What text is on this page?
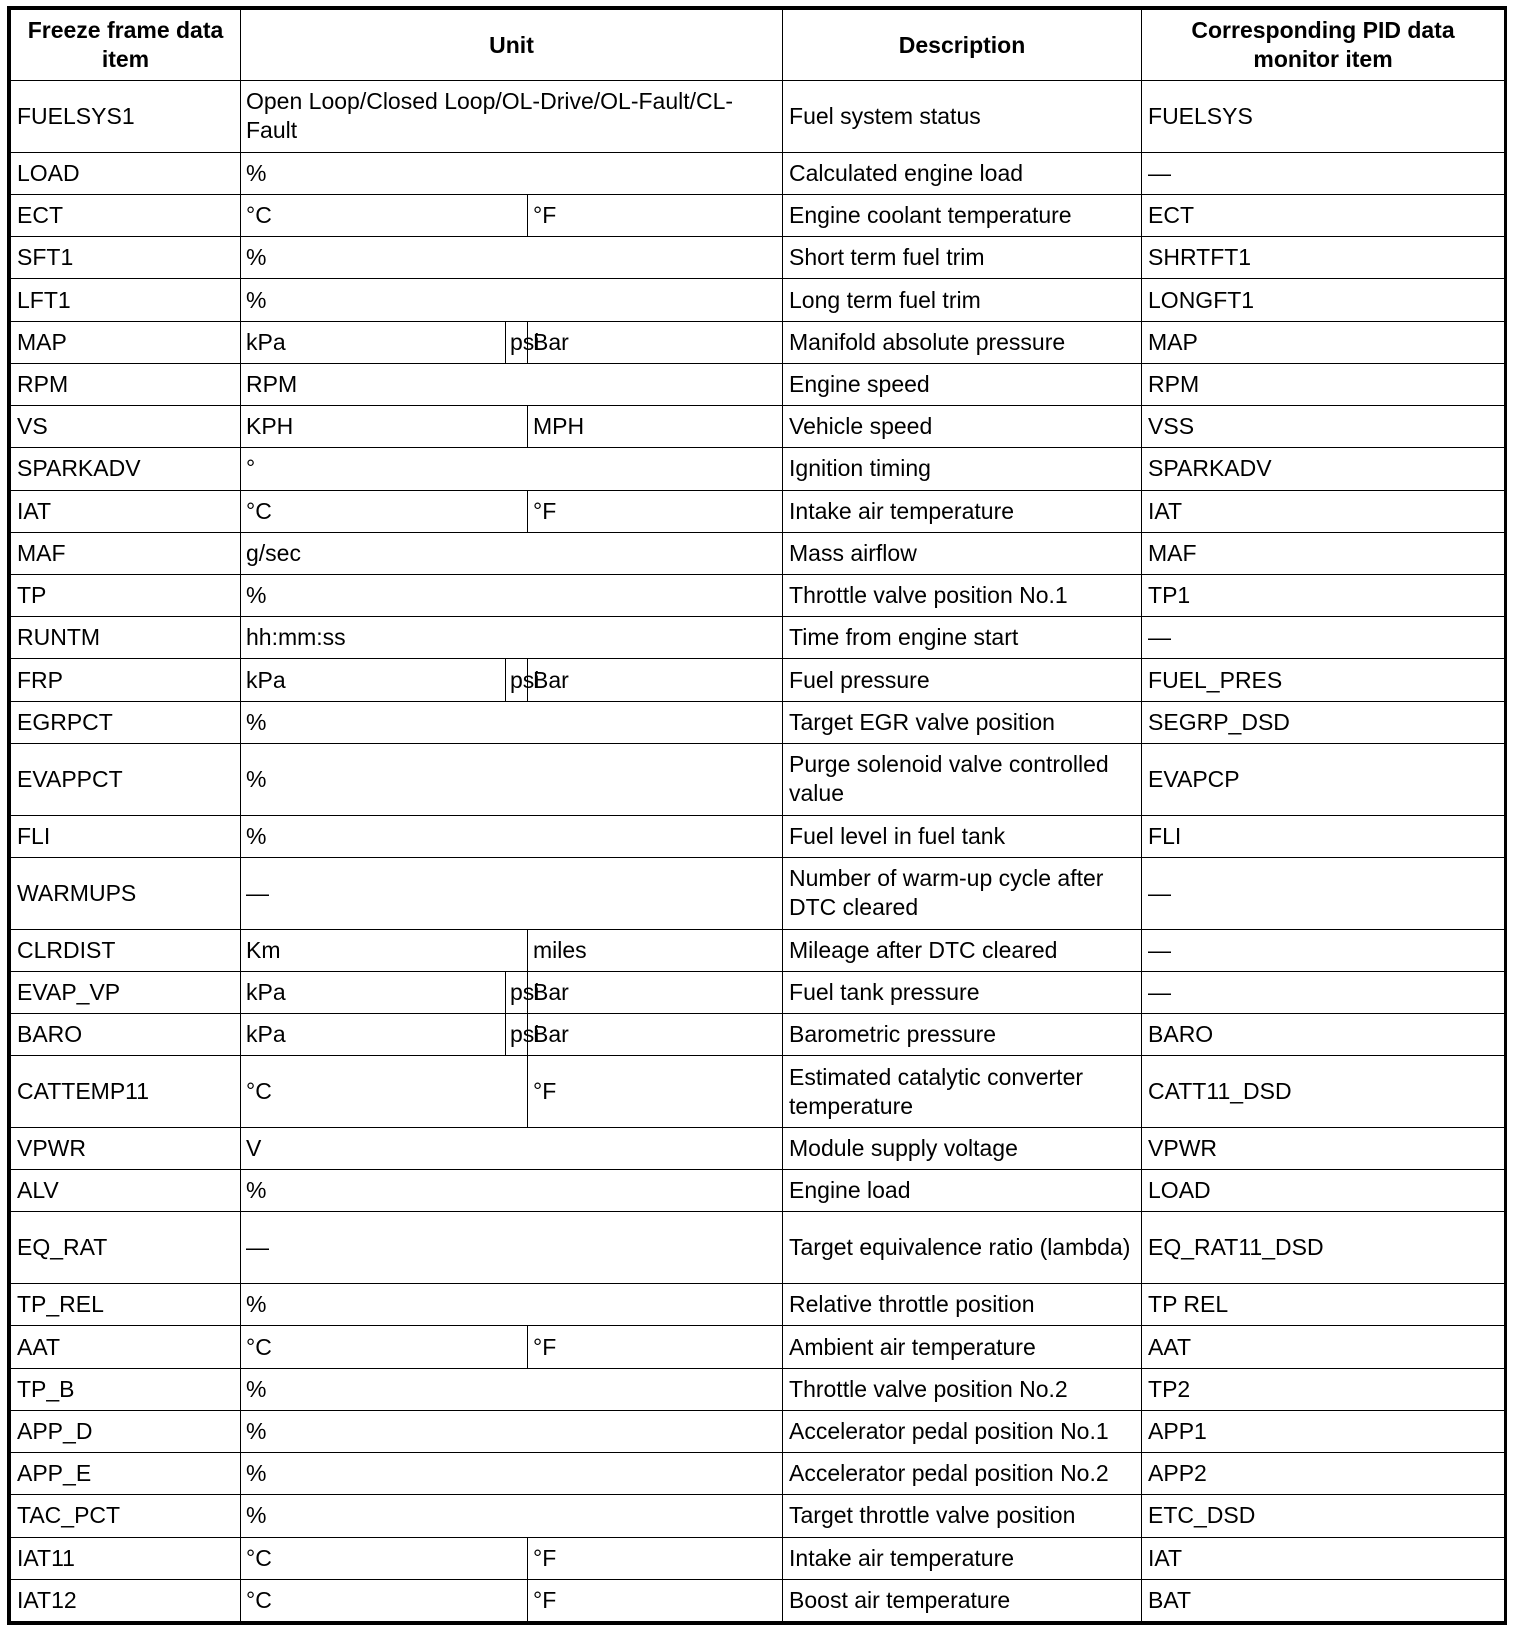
Freeze frame data item	Unit			Description	Corresponding PID data monitor item
FUELSYS1	Open Loop/Closed Loop/OL-Drive/OL-Fault/CL-Fault			Fuel system status	FUELSYS
LOAD	%			Calculated engine load	—
ECT	°C		°F	Engine coolant temperature	ECT
SFT1	%			Short term fuel trim	SHRTFT1
LFT1	%			Long term fuel trim	LONGFT1
MAP	kPa	psi	Bar	Manifold absolute pressure	MAP
RPM	RPM			Engine speed	RPM
VS	KPH		MPH	Vehicle speed	VSS
SPARKADV	°			Ignition timing	SPARKADV
IAT	°C		°F	Intake air temperature	IAT
MAF	g/sec			Mass airflow	MAF
TP	%			Throttle valve position No.1	TP1
RUNTM	hh:mm:ss			Time from engine start	—
FRP	kPa	psi	Bar	Fuel pressure	FUEL_PRES
EGRPCT	%			Target EGR valve position	SEGRP_DSD
EVAPPCT	%			Purge solenoid valve controlled value	EVAPCP
FLI	%			Fuel level in fuel tank	FLI
WARMUPS	—			Number of warm-up cycle after DTC cleared	—
CLRDIST	Km		miles	Mileage after DTC cleared	—
EVAP_VP	kPa	psi	Bar	Fuel tank pressure	—
BARO	kPa	psi	Bar	Barometric pressure	BARO
CATTEMP11	°C		°F	Estimated catalytic converter temperature	CATT11_DSD
VPWR	V			Module supply voltage	VPWR
ALV	%			Engine load	LOAD
EQ_RAT	—			Target equivalence ratio (lambda)	EQ_RAT11_DSD
TP_REL	%			Relative throttle position	TP REL
AAT	°C		°F	Ambient air temperature	AAT
TP_B	%			Throttle valve position No.2	TP2
APP_D	%			Accelerator pedal position No.1	APP1
APP_E	%			Accelerator pedal position No.2	APP2
TAC_PCT	%			Target throttle valve position	ETC_DSD
IAT11	°C		°F	Intake air temperature	IAT
IAT12	°C		°F	Boost air temperature	BAT
